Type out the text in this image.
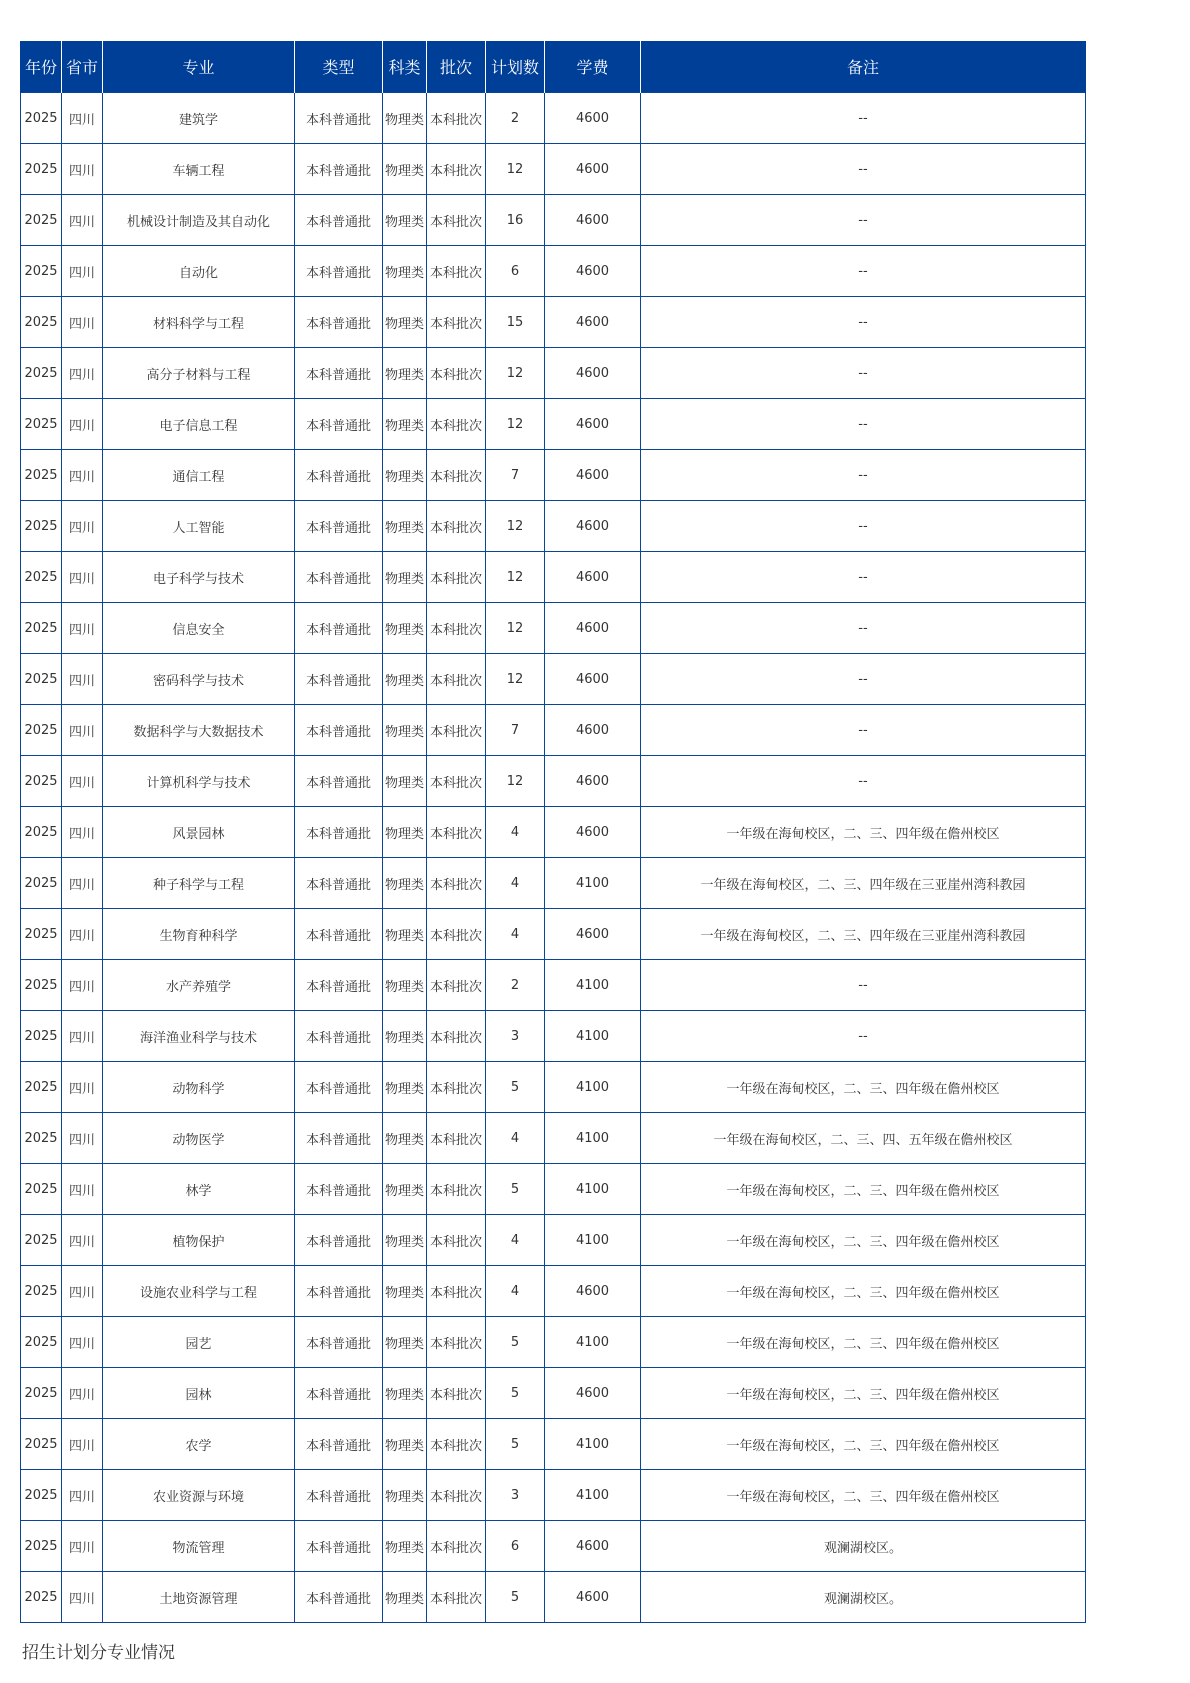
年份	省市	专业	类型	科类	批次	计划数	学费	备注
2025	四川	建筑学	本科普通批	物理类	本科批次	2	4600	--
2025	四川	车辆工程	本科普通批	物理类	本科批次	12	4600	--
2025	四川	机械设计制造及其自动化	本科普通批	物理类	本科批次	16	4600	--
2025	四川	自动化	本科普通批	物理类	本科批次	6	4600	--
2025	四川	材料科学与工程	本科普通批	物理类	本科批次	15	4600	--
2025	四川	高分子材料与工程	本科普通批	物理类	本科批次	12	4600	--
2025	四川	电子信息工程	本科普通批	物理类	本科批次	12	4600	--
2025	四川	通信工程	本科普通批	物理类	本科批次	7	4600	--
2025	四川	人工智能	本科普通批	物理类	本科批次	12	4600	--
2025	四川	电子科学与技术	本科普通批	物理类	本科批次	12	4600	--
2025	四川	信息安全	本科普通批	物理类	本科批次	12	4600	--
2025	四川	密码科学与技术	本科普通批	物理类	本科批次	12	4600	--
2025	四川	数据科学与大数据技术	本科普通批	物理类	本科批次	7	4600	--
2025	四川	计算机科学与技术	本科普通批	物理类	本科批次	12	4600	--
2025	四川	风景园林	本科普通批	物理类	本科批次	4	4600	一年级在海甸校区，二、三、四年级在儋州校区
2025	四川	种子科学与工程	本科普通批	物理类	本科批次	4	4100	一年级在海甸校区，二、三、四年级在三亚崖州湾科教园
2025	四川	生物育种科学	本科普通批	物理类	本科批次	4	4600	一年级在海甸校区，二、三、四年级在三亚崖州湾科教园
2025	四川	水产养殖学	本科普通批	物理类	本科批次	2	4100	--
2025	四川	海洋渔业科学与技术	本科普通批	物理类	本科批次	3	4100	--
2025	四川	动物科学	本科普通批	物理类	本科批次	5	4100	一年级在海甸校区，二、三、四年级在儋州校区
2025	四川	动物医学	本科普通批	物理类	本科批次	4	4100	一年级在海甸校区，二、三、四、五年级在儋州校区
2025	四川	林学	本科普通批	物理类	本科批次	5	4100	一年级在海甸校区，二、三、四年级在儋州校区
2025	四川	植物保护	本科普通批	物理类	本科批次	4	4100	一年级在海甸校区，二、三、四年级在儋州校区
2025	四川	设施农业科学与工程	本科普通批	物理类	本科批次	4	4600	一年级在海甸校区，二、三、四年级在儋州校区
2025	四川	园艺	本科普通批	物理类	本科批次	5	4100	一年级在海甸校区，二、三、四年级在儋州校区
2025	四川	园林	本科普通批	物理类	本科批次	5	4600	一年级在海甸校区，二、三、四年级在儋州校区
2025	四川	农学	本科普通批	物理类	本科批次	5	4100	一年级在海甸校区，二、三、四年级在儋州校区
2025	四川	农业资源与环境	本科普通批	物理类	本科批次	3	4100	一年级在海甸校区，二、三、四年级在儋州校区
2025	四川	物流管理	本科普通批	物理类	本科批次	6	4600	观澜湖校区。
2025	四川	土地资源管理	本科普通批	物理类	本科批次	5	4600	观澜湖校区。
招生计划分专业情况
